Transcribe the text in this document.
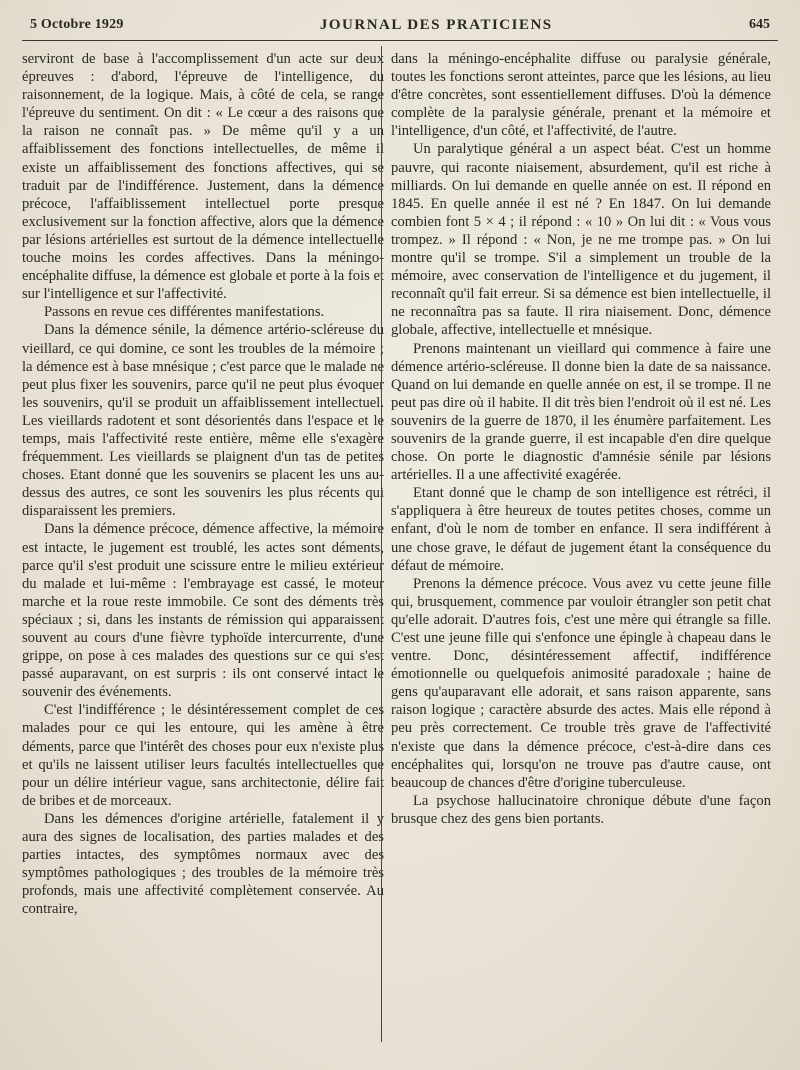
5 Octobre 1929	JOURNAL DES PRATICIENS	645

serviront de base à l'accomplissement d'un acte sur deux épreuves : d'abord, l'épreuve de l'intelligence, du raisonnement, de la logique. Mais, à côté de cela, se range l'épreuve du sentiment. On dit : « Le cœur a des raisons que la raison ne connaît pas. » De même qu'il y a un affaiblissement des fonctions intellectuelles, de même il existe un affaiblissement des fonctions affectives, qui se traduit par de l'indifférence. Justement, dans la démence précoce, l'affaiblissement intellectuel porte presque exclusivement sur la fonction affective, alors que la démence par lésions artérielles est surtout de la démence intellectuelle touche moins les cordes affectives. Dans la méningo-encéphalite diffuse, la démence est globale et porte à la fois et sur l'intelligence et sur l'affectivité.

Passons en revue ces différentes manifestations.

Dans la démence sénile, la démence artério-scléreuse du vieillard, ce qui domine, ce sont les troubles de la mémoire ; la démence est à base mnésique ; c'est parce que le malade ne peut plus fixer les souvenirs, parce qu'il ne peut plus évoquer les souvenirs, qu'il se produit un affaiblissement intellectuel. Les vieillards radotent et sont désorientés dans l'espace et le temps, mais l'affectivité reste entière, même elle s'exagère fréquemment. Les vieillards se plaignent d'un tas de petites choses. Etant donné que les souvenirs se placent les uns au-dessus des autres, ce sont les souvenirs les plus récents qui disparaissent les premiers.

Dans la démence précoce, démence affective, la mémoire est intacte, le jugement est troublé, les actes sont déments, parce qu'il s'est produit une scissure entre le milieu extérieur du malade et lui-même : l'embrayage est cassé, le moteur marche et la roue reste immobile. Ce sont des déments très spéciaux ; si, dans les instants de rémission qui apparaissent souvent au cours d'une fièvre typhoïde intercurrente, d'une grippe, on pose à ces malades des questions sur ce qui s'est passé auparavant, on est surpris : ils ont conservé intact le souvenir des événements.

C'est l'indifférence ; le désintéressement complet de ces malades pour ce qui les entoure, qui les amène à être déments, parce que l'intérêt des choses pour eux n'existe plus et qu'ils ne laissent utiliser leurs facultés intellectuelles que pour un délire intérieur vague, sans architectonie, délire fait de bribes et de morceaux.

Dans les démences d'origine artérielle, fatalement il y aura des signes de localisation, des parties malades et des parties intactes, des symptômes normaux avec des symptômes pathologiques ; des troubles de la mémoire très profonds, mais une affectivité complètement conservée. Au contraire,

dans la méningo-encéphalite diffuse ou paralysie générale, toutes les fonctions seront atteintes, parce que les lésions, au lieu d'être concrètes, sont essentiellement diffuses. D'où la démence complète de la paralysie générale, prenant et la mémoire et l'intelligence, d'un côté, et l'affectivité, de l'autre.

Un paralytique général a un aspect béat. C'est un homme pauvre, qui raconte niaisement, absurdement, qu'il est riche à milliards. On lui demande en quelle année on est. Il répond en 1845. En quelle année il est né ? En 1847. On lui demande combien font 5 × 4 ; il répond : « 10 » On lui dit : « Vous vous trompez. » Il répond : « Non, je ne me trompe pas. » On lui montre qu'il se trompe. S'il a simplement un trouble de la mémoire, avec conservation de l'intelligence et du jugement, il reconnaît qu'il fait erreur. Si sa démence est bien intellectuelle, il ne reconnaîtra pas sa faute. Il rira niaisement. Donc, démence globale, affective, intellectuelle et mnésique.

Prenons maintenant un vieillard qui commence à faire une démence artério-scléreuse. Il donne bien la date de sa naissance. Quand on lui demande en quelle année on est, il se trompe. Il ne peut pas dire où il habite. Il dit très bien l'endroit où il est né. Les souvenirs de la guerre de 1870, il les énumère parfaitement. Les souvenirs de la grande guerre, il est incapable d'en dire quelque chose. On porte le diagnostic d'amnésie sénile par lésions artérielles. Il a une affectivité exagérée.

Etant donné que le champ de son intelligence est rétréci, il s'appliquera à être heureux de toutes petites choses, comme un enfant, d'où le nom de tomber en enfance. Il sera indifférent à une chose grave, le défaut de jugement étant la conséquence du défaut de mémoire.

Prenons la démence précoce. Vous avez vu cette jeune fille qui, brusquement, commence par vouloir étrangler son petit chat qu'elle adorait. D'autres fois, c'est une mère qui étrangle sa fille. C'est une jeune fille qui s'enfonce une épingle à chapeau dans le ventre. Donc, désintéressement affectif, indifférence émotionnelle ou quelquefois animosité paradoxale ; haine de gens qu'auparavant elle adorait, et sans raison apparente, sans raison logique ; caractère absurde des actes. Mais elle répond à peu près correctement. Ce trouble très grave de l'affectivité n'existe que dans la démence précoce, c'est-à-dire dans ces encéphalites qui, lorsqu'on ne trouve pas d'autre cause, ont beaucoup de chances d'être d'origine tuberculeuse.

La psychose hallucinatoire chronique débute d'une façon brusque chez des gens bien portants.
